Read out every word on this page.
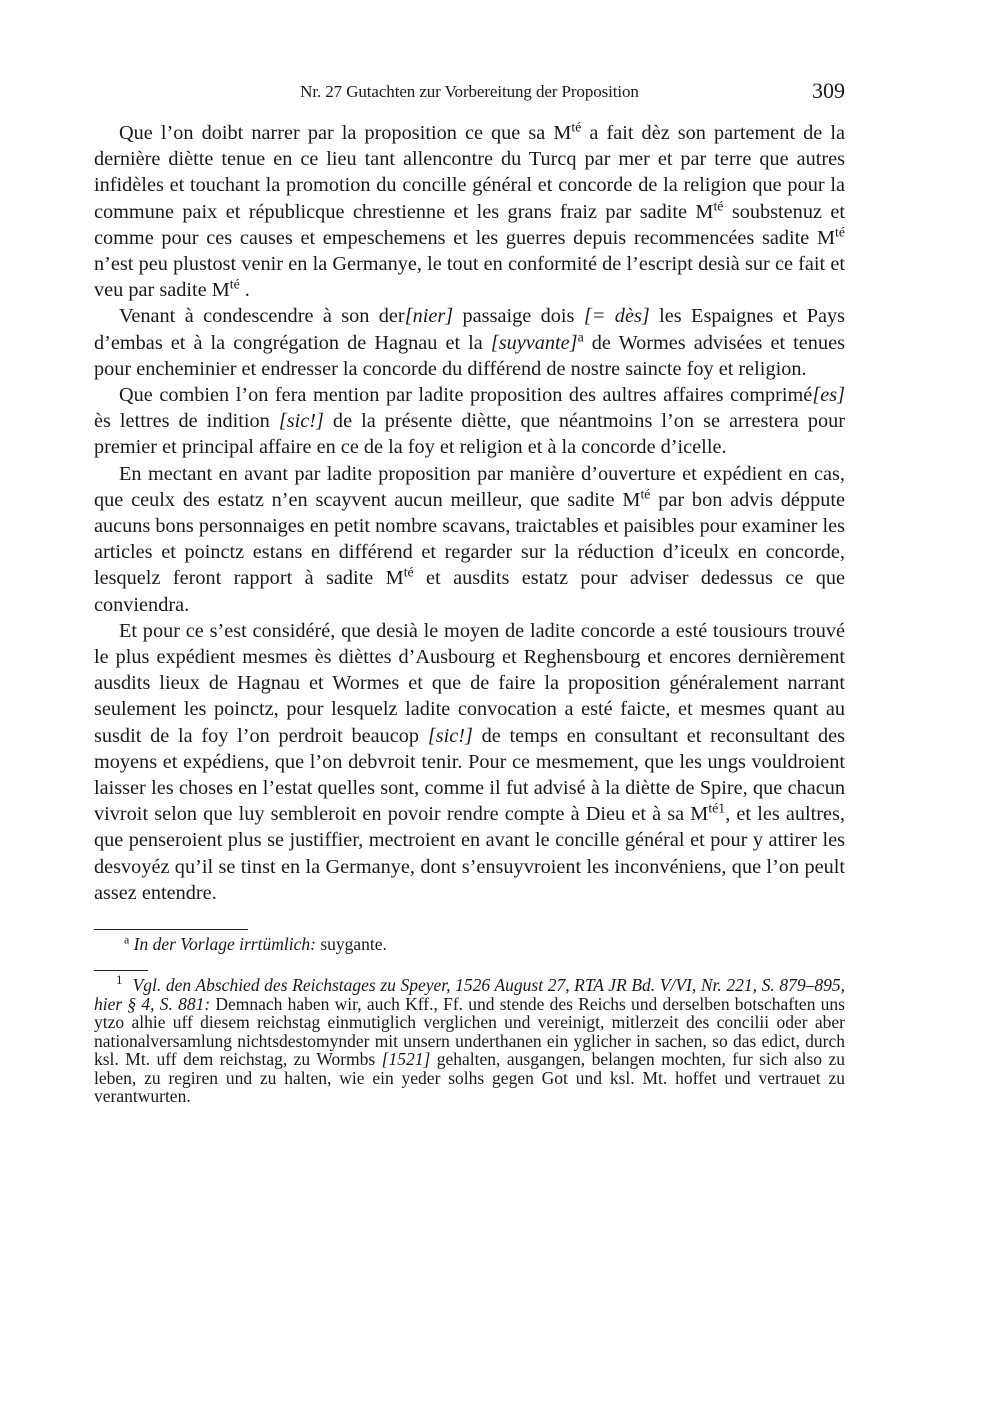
Nr. 27 Gutachten zur Vorbereitung der Proposition	309

Que l’on doibt narrer par la proposition ce que sa $M^{té}$ a fait dèz son partement de la dernière diètte tenue en ce lieu tant allencontre du Turcq par mer et par terre que autres infidèles et touchant la promotion du concille général et concorde de la religion que pour la commune paix et républicque chrestienne et les grans fraiz par sadite $M^{té}$ soubstenuz et comme pour ces causes et empeschemens et les guerres depuis recommencées sadite $M^{té}$ n’est peu plustost venir en la Germanye, le tout en conformité de l’escript desià sur ce fait et veu par sadite $M^{té}$ .

Venant à condescendre à son der[nier] passaige dois [= dès] les Espaignes et Pays d’embas et à la congrégation de Hagnau et la [suyvante]$^a$ de Wormes advisées et tenues pour encheminier et endresser la concorde du différend de nostre saincte foy et religion.

Que combien l’on fera mention par ladite proposition des aultres affaires comprimé[es] ès lettres de indition [sic!] de la présente diètte, que néantmoins l’on se arrestera pour premier et principal affaire en ce de la foy et religion et à la concorde d’icelle.

En mectant en avant par ladite proposition par manière d’ouverture et expédient en cas, que ceulx des estatz n’en scayvent aucun meilleur, que sadite $M^{té}$ par bon advis déppute aucuns bons personnaiges en petit nombre scavans, traictables et paisibles pour examiner les articles et poinctz estans en différend et regarder sur la réduction d’iceulx en concorde, lesquelz feront rapport à sadite $M^{té}$ et ausdits estatz pour adviser dedessus ce que conviendra.

Et pour ce s’est considéré, que desià le moyen de ladite concorde a esté tousiours trouvé le plus expédient mesmes ès dièttes d’Ausbourg et Reghensbourg et encores dernièrement ausdits lieux de Hagnau et Wormes et que de faire la proposition généralement narrant seulement les poinctz, pour lesquelz ladite convocation a esté faicte, et mesmes quant au susdit de la foy l’on perdroit beaucop [sic!] de temps en consultant et reconsultant des moyens et expédiens, que l’on debvroit tenir. Pour ce mesmement, que les ungs vouldroient laisser les choses en l’estat quelles sont, comme il fut advisé à la diètte de Spire, que chacun vivroit selon que luy sembleroit en povoir rendre compte à Dieu et à sa $M^{té1}$, et les aultres, que penseroient plus se justiffier, mectroient en avant le concille général et pour y attirer les desvoyéz qu’il se tinst en la Germanye, dont s’ensuyvroient les inconvéniens, que l’on peult assez entendre.

$^a$ In der Vorlage irrtümlich: suygante.
$^1$ Vgl. den Abschied des Reichstages zu Speyer, 1526 August 27, RTA JR Bd. V/VI, Nr. 221, S. 879–895, hier § 4, S. 881: Demnach haben wir, auch Kff., Ff. und stende des Reichs und derselben botschaften uns ytzo alhie uff diesem reichstag einmutiglich verglichen und vereinigt, mitlerzeit des concilii oder aber nationalversamlung nichtsdestomynder mit unsern underthanen ein yglicher in sachen, so das edict, durch ksl. Mt. uff dem reichstag, zu Wormbs [1521] gehalten, ausgangen, belangen mochten, fur sich also zu leben, zu regiren und zu halten, wie ein yeder solhs gegen Got und ksl. Mt. hoffet und vertrauet zu verantwurten.
